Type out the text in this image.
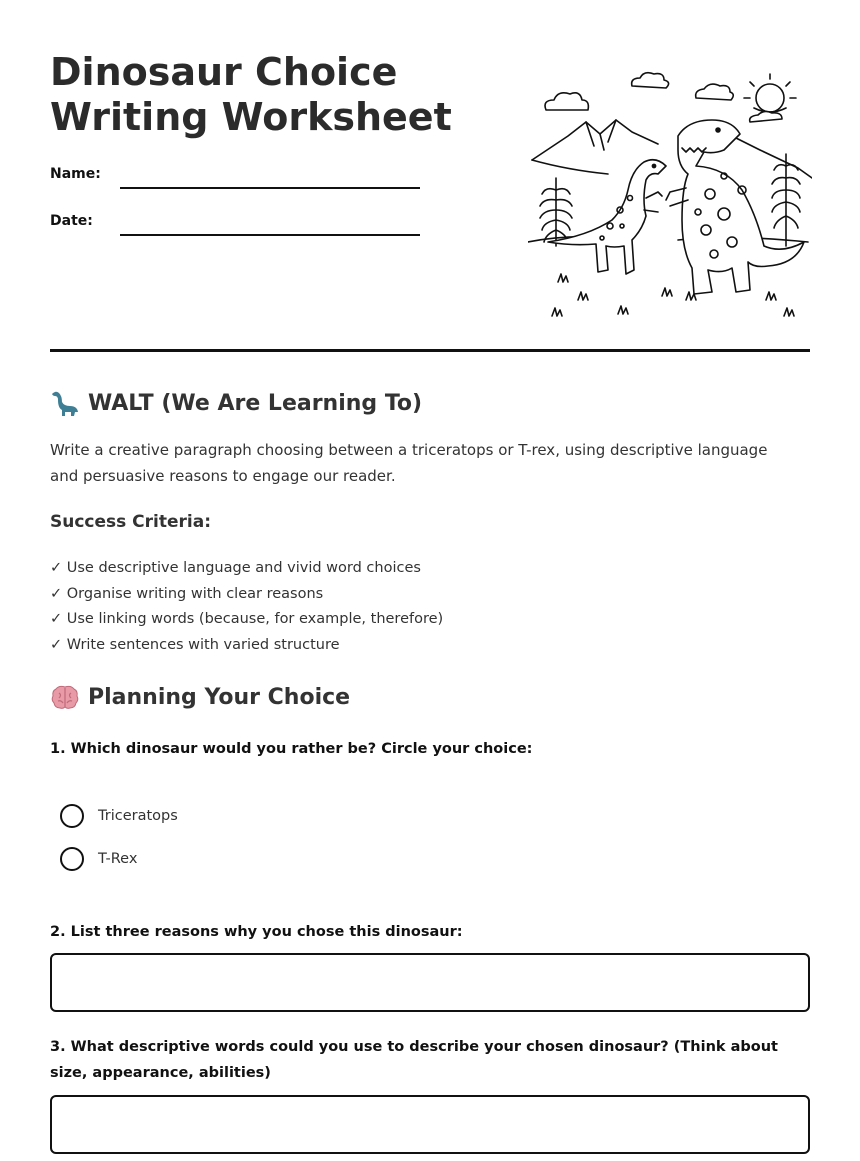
Dinosaur Choice
Writing Worksheet
Name:
Date:
WALT (We Are Learning To)

Write a creative paragraph choosing between a triceratops or T-rex, using descriptive language and persuasive reasons to engage our reader.

Success Criteria:
✓ Use descriptive language and vivid word choices
✓ Organise writing with clear reasons
✓ Use linking words (because, for example, therefore)
✓ Write sentences with varied structure
Planning Your Choice

1. Which dinosaur would you rather be? Circle your choice:

Triceratops
T-Rex

2. List three reasons why you chose this dinosaur:

3. What descriptive words could you use to describe your chosen dinosaur? (Think about size, appearance, abilities)
